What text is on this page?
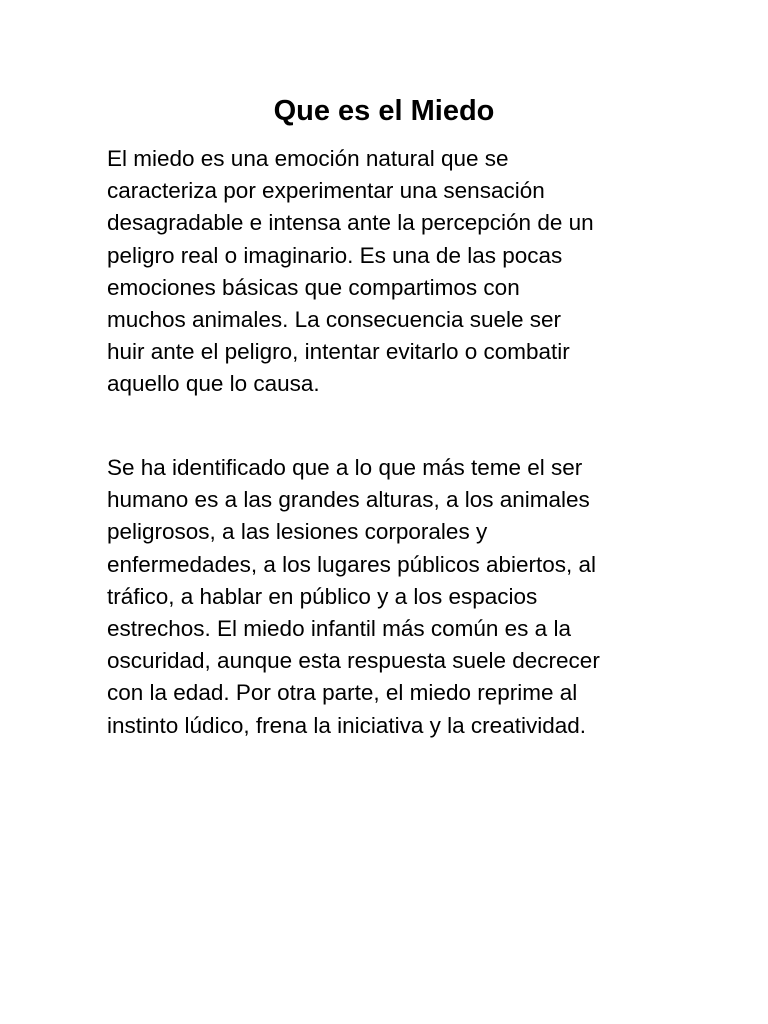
Que es el Miedo

El miedo es una emoción natural que se
caracteriza por experimentar una sensación
desagradable e intensa ante la percepción de un
peligro real o imaginario. Es una de las pocas
emociones básicas que compartimos con
muchos animales. La consecuencia suele ser
huir ante el peligro, intentar evitarlo o combatir
aquello que lo causa.

Se ha identificado que a lo que más teme el ser
humano es a las grandes alturas, a los animales
peligrosos, a las lesiones corporales y
enfermedades, a los lugares públicos abiertos, al
tráfico, a hablar en público y a los espacios
estrechos. El miedo infantil más común es a la
oscuridad, aunque esta respuesta suele decrecer
con la edad. Por otra parte, el miedo reprime al
instinto lúdico, frena la iniciativa y la creatividad.
